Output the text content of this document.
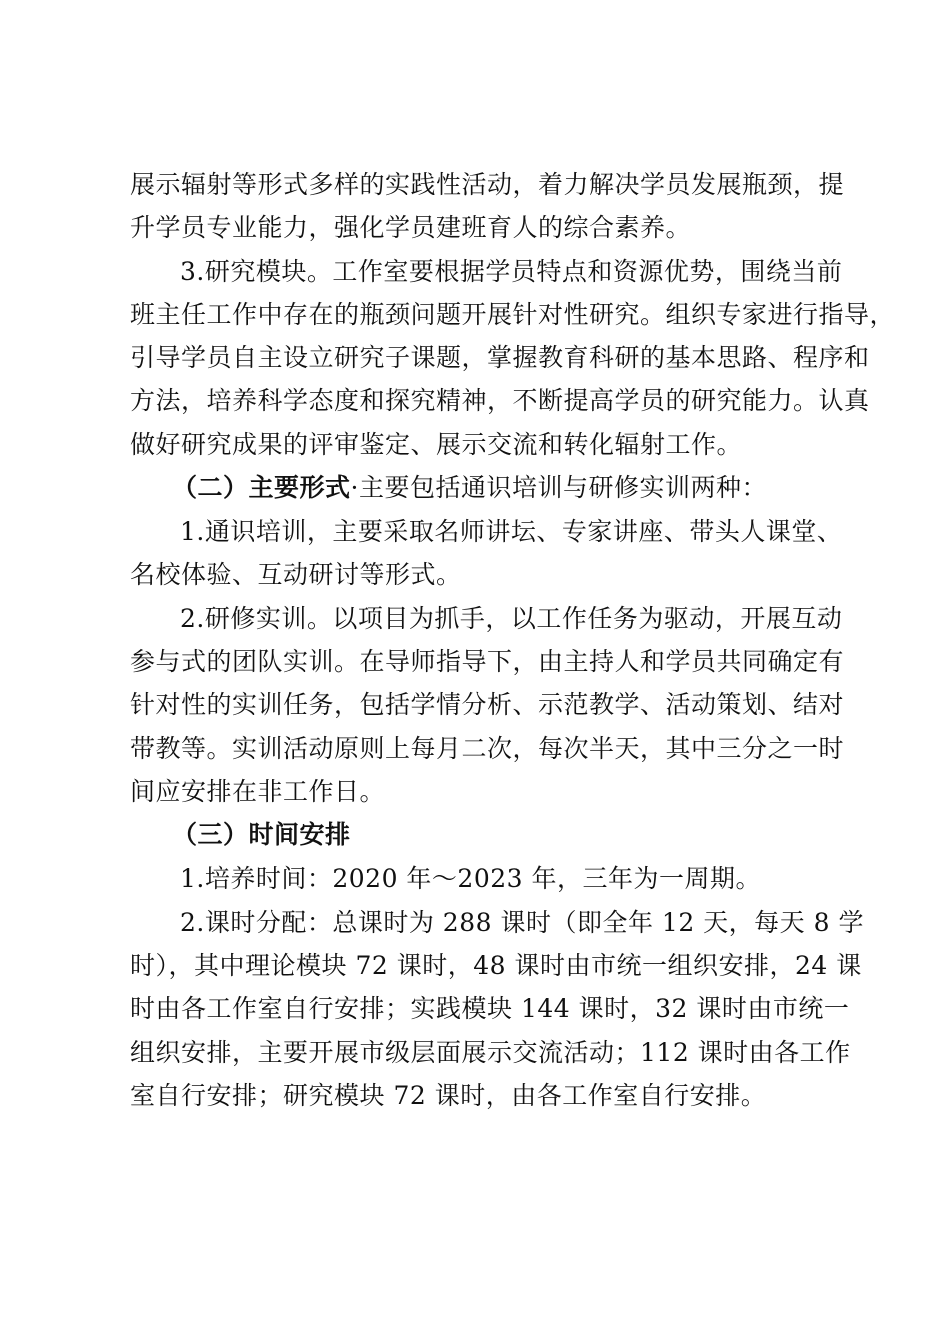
展示辐射等形式多样的实践性活动，着力解决学员发展瓶颈，提
升学员专业能力，强化学员建班育人的综合素养。
3.研究模块。工作室要根据学员特点和资源优势，围绕当前
班主任工作中存在的瓶颈问题开展针对性研究。组织专家进行指导，
引导学员自主设立研究子课题，掌握教育科研的基本思路、程序和
方法，培养科学态度和探究精神，不断提高学员的研究能力。认真
做好研究成果的评审鉴定、展示交流和转化辐射工作。
（二）主要形式·主要包括通识培训与研修实训两种：
1.通识培训，主要采取名师讲坛、专家讲座、带头人课堂、
名校体验、互动研讨等形式。
2.研修实训。以项目为抓手，以工作任务为驱动，开展互动
参与式的团队实训。在导师指导下，由主持人和学员共同确定有
针对性的实训任务，包括学情分析、示范教学、活动策划、结对
带教等。实训活动原则上每月二次，每次半天，其中三分之一时
间应安排在非工作日。
（三）时间安排
1.培养时间：2020 年～2023 年，三年为一周期。
2.课时分配：总课时为 288 课时（即全年 12 天，每天 8 学
时），其中理论模块 72 课时，48 课时由市统一组织安排，24 课
时由各工作室自行安排；实践模块 144 课时，32 课时由市统一
组织安排，主要开展市级层面展示交流活动；112 课时由各工作
室自行安排；研究模块 72 课时，由各工作室自行安排。
